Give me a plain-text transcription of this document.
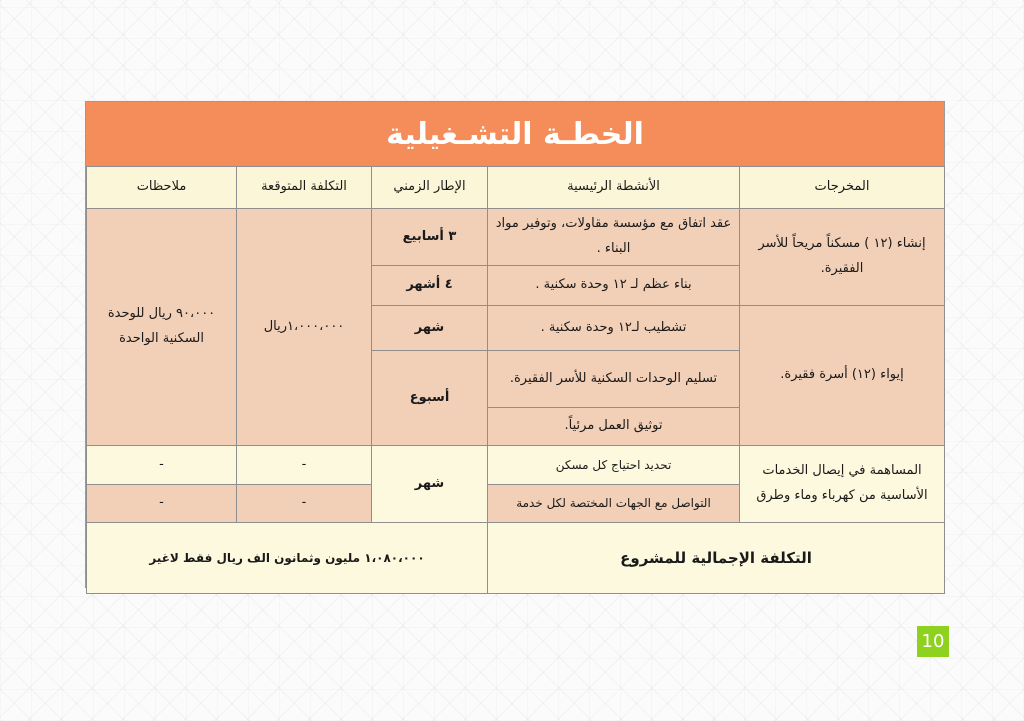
الخطـة التشـغيلية
المخرجات	الأنشطة الرئيسية	الإطار الزمني	التكلفة المتوقعة	ملاحظات
إنشاء (١٢ ) مسكناً مريحاً للأسر الفقيرة.	عقد اتفاق مع مؤسسة مقاولات، وتوفير مواد البناء .	٣ أسابيع	١،٠٠٠،٠٠٠ريال	٩٠،٠٠٠ ريال للوحدة السكنية الواحدة
	بناء عظم لـ ١٢ وحدة سكنية .	٤ أشهر		
إيواء (١٢) أسرة فقيرة.	تشطيب لـ١٢ وحدة سكنية .	شهر		
	تسليم الوحدات السكنية للأسر الفقيرة.	أسبوع		
	توثيق العمل مرئياً.			
المساهمة في إيصال الخدمات الأساسية من كهرباء وماء وطرق	تحديد احتياج كل مسكن	شهر	-	-
	التواصل مع الجهات المختصة لكل خدمة		-	-
التكلفة الإجمالية للمشروع		١،٠٨٠،٠٠٠ مليون وثمانون الف ريال فقط لاغير		
10
